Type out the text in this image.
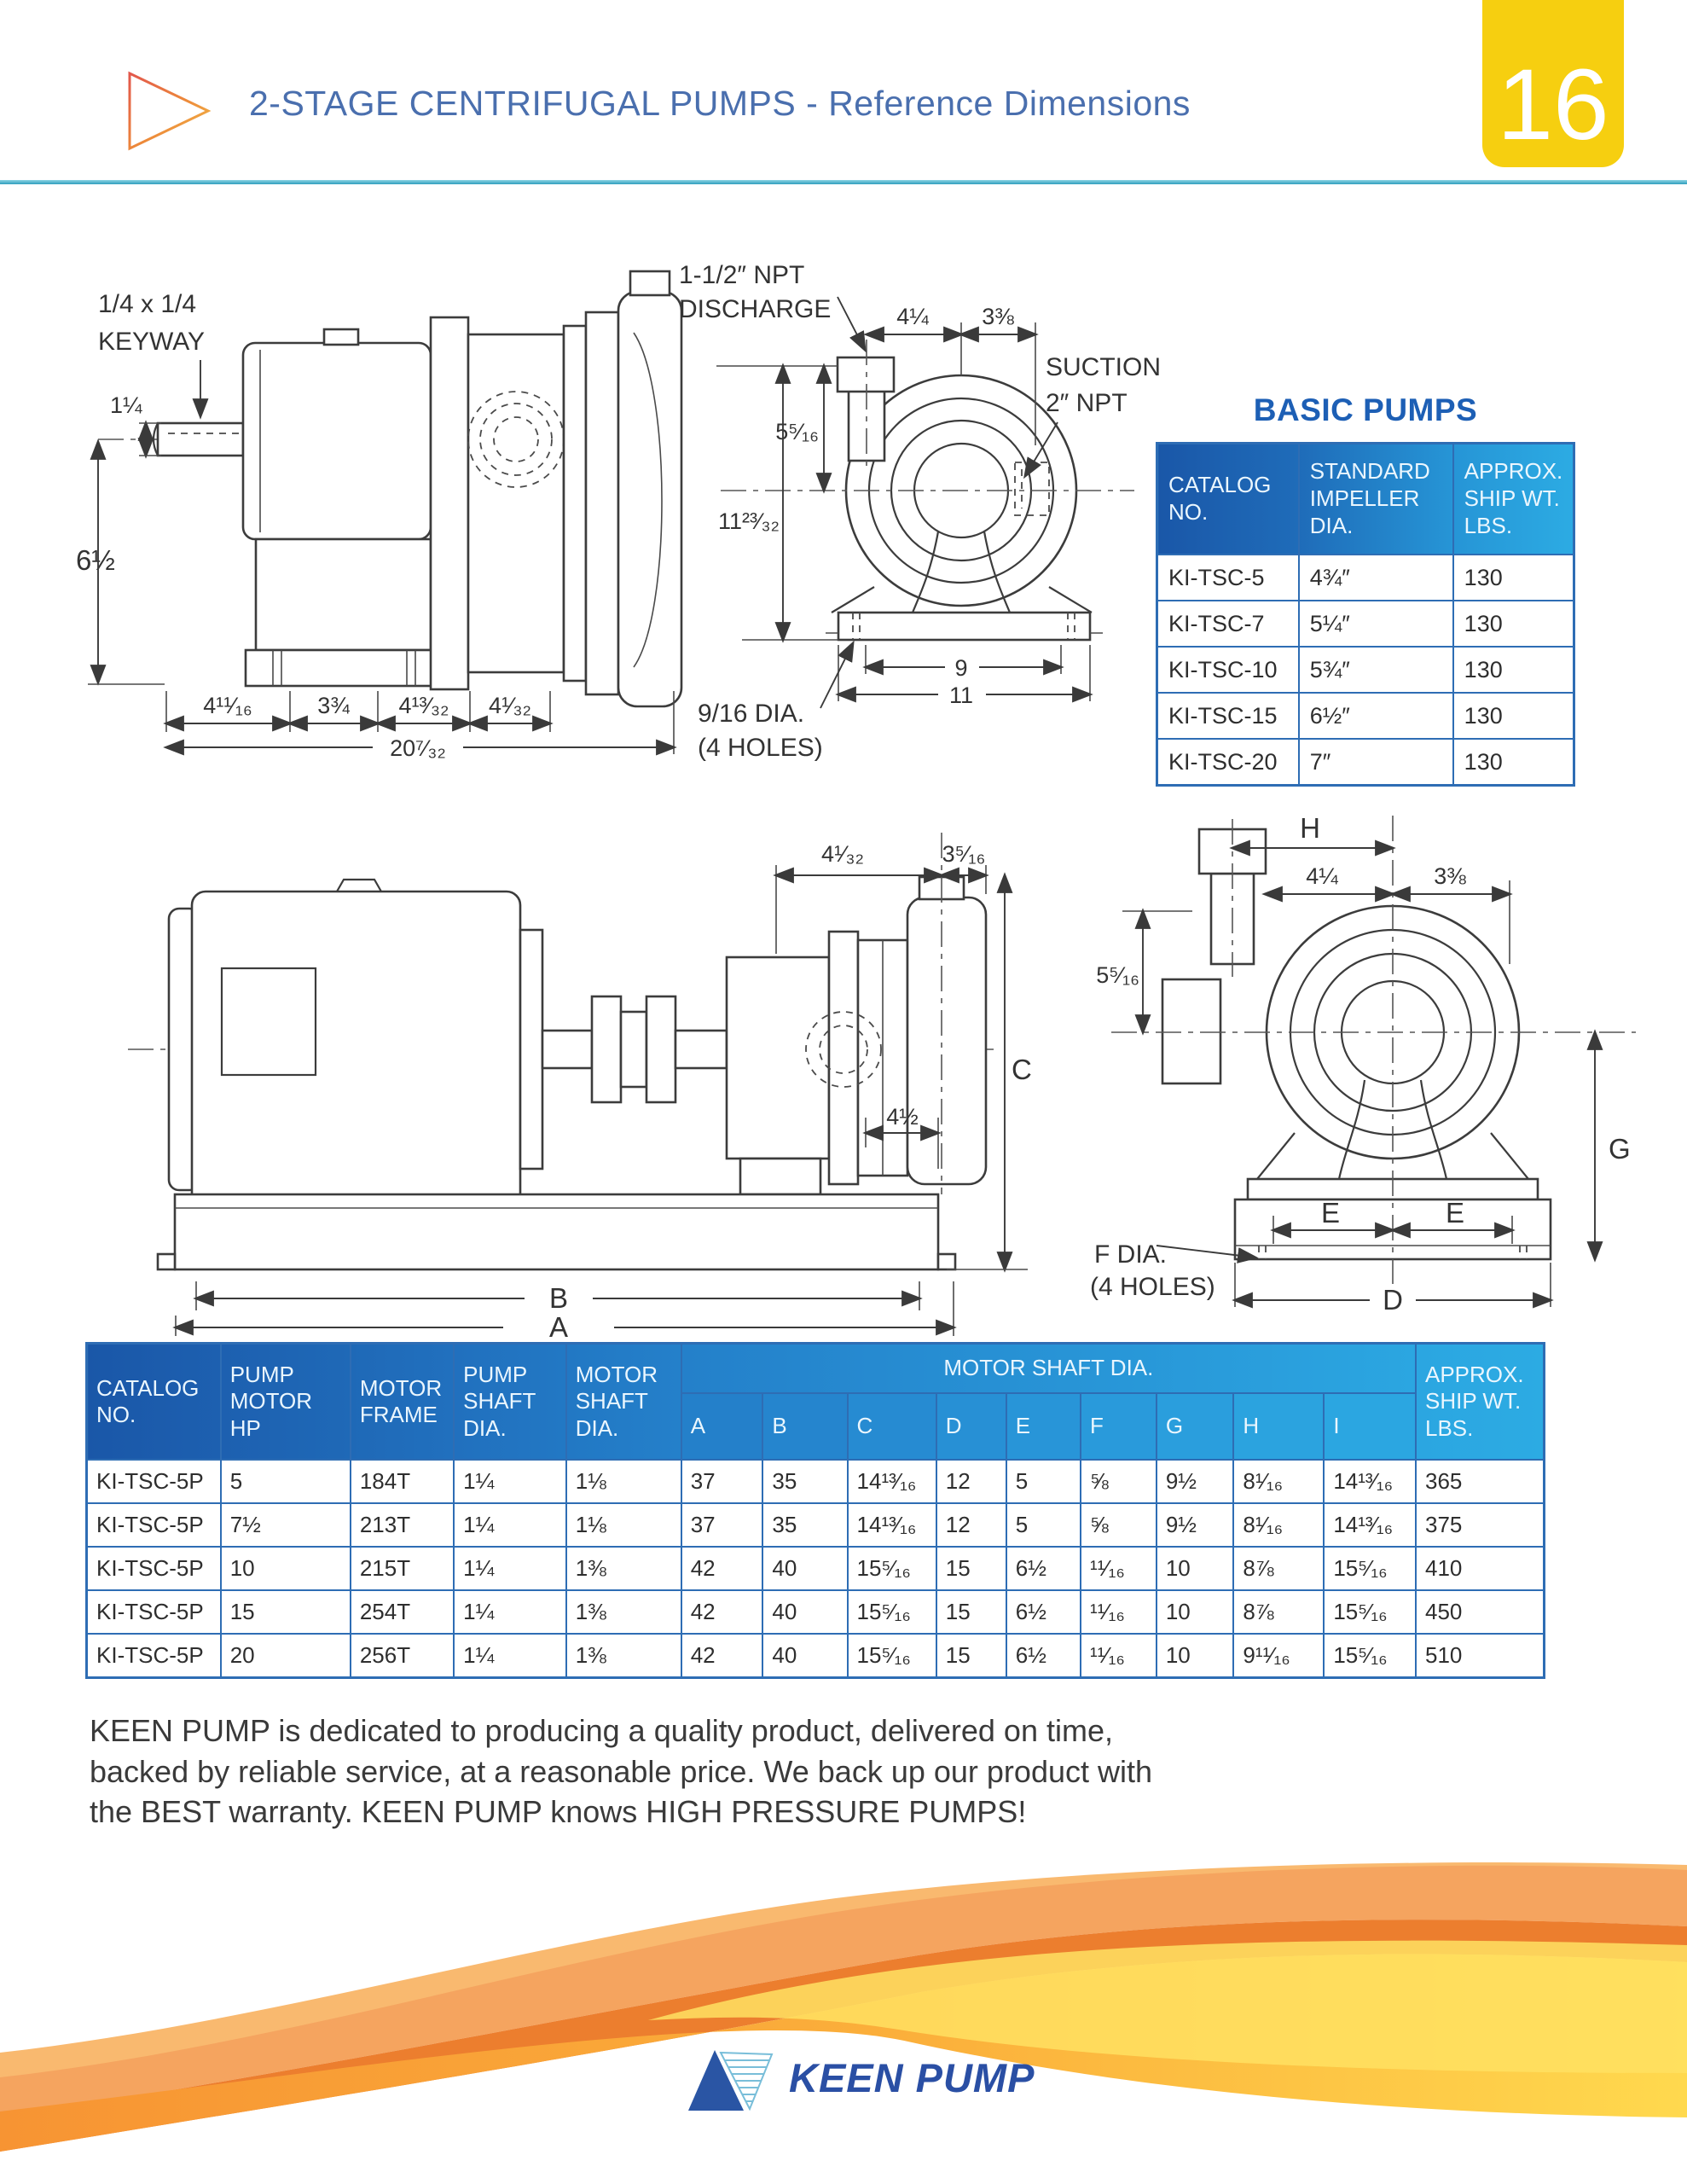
2-STAGE CENTRIFUGAL PUMPS - Reference Dimensions	16
1/4 x 1/4
KEYWAY
1¼
6½
4¹¹⁄₁₆	3¾ 4¹³⁄₃₂ 4¹⁄₃₂
20⁷⁄₃₂
1-1/2″ NPT
DISCHARGE	4¼ 3⅜
SUCTION
2″ NPT
5⁵⁄₁₆
11²³⁄₃₂
9
11
9/16 DIA.
(4 HOLES)
BASIC PUMPS
CATALOG NO.	STANDARD IMPELLER DIA.	APPROX. SHIP WT. LBS.
KI-TSC-5	4¾″	130
KI-TSC-7	5¼″	130
KI-TSC-10	5¾″	130
KI-TSC-15	6½″	130
KI-TSC-20	7″	130
4¹⁄₃₂	3⁵⁄₁₆
C
4½
B
A
H
4¼	3⅜
5⁵⁄₁₆
G
E	E
D
F DIA.
(4 HOLES)
CATALOG NO.	PUMP MOTOR HP	MOTOR FRAME	PUMP SHAFT DIA.	MOTOR SHAFT DIA.	MOTOR SHAFT DIA.									APPROX. SHIP WT. LBS.
					A	B	C	D	E	F	G	H	I	
KI-TSC-5P	5	184T	1¼	1⅛	37	35	14¹³⁄₁₆	12	5	⅝	9½	8¹⁄₁₆	14¹³⁄₁₆	365
KI-TSC-5P	7½	213T	1¼	1⅛	37	35	14¹³⁄₁₆	12	5	⅝	9½	8¹⁄₁₆	14¹³⁄₁₆	375
KI-TSC-5P	10	215T	1¼	1⅜	42	40	15⁵⁄₁₆	15	6½	¹¹⁄₁₆	10	8⅞	15⁵⁄₁₆	410
KI-TSC-5P	15	254T	1¼	1⅜	42	40	15⁵⁄₁₆	15	6½	¹¹⁄₁₆	10	8⅞	15⁵⁄₁₆	450
KI-TSC-5P	20	256T	1¼	1⅜	42	40	15⁵⁄₁₆	15	6½	¹¹⁄₁₆	10	9¹¹⁄₁₆	15⁵⁄₁₆	510
KEEN PUMP is dedicated to producing a quality product, delivered on time,
backed by reliable service, at a reasonable price. We back up our product with
the BEST warranty. KEEN PUMP knows HIGH PRESSURE PUMPS!
KEEN PUMP
